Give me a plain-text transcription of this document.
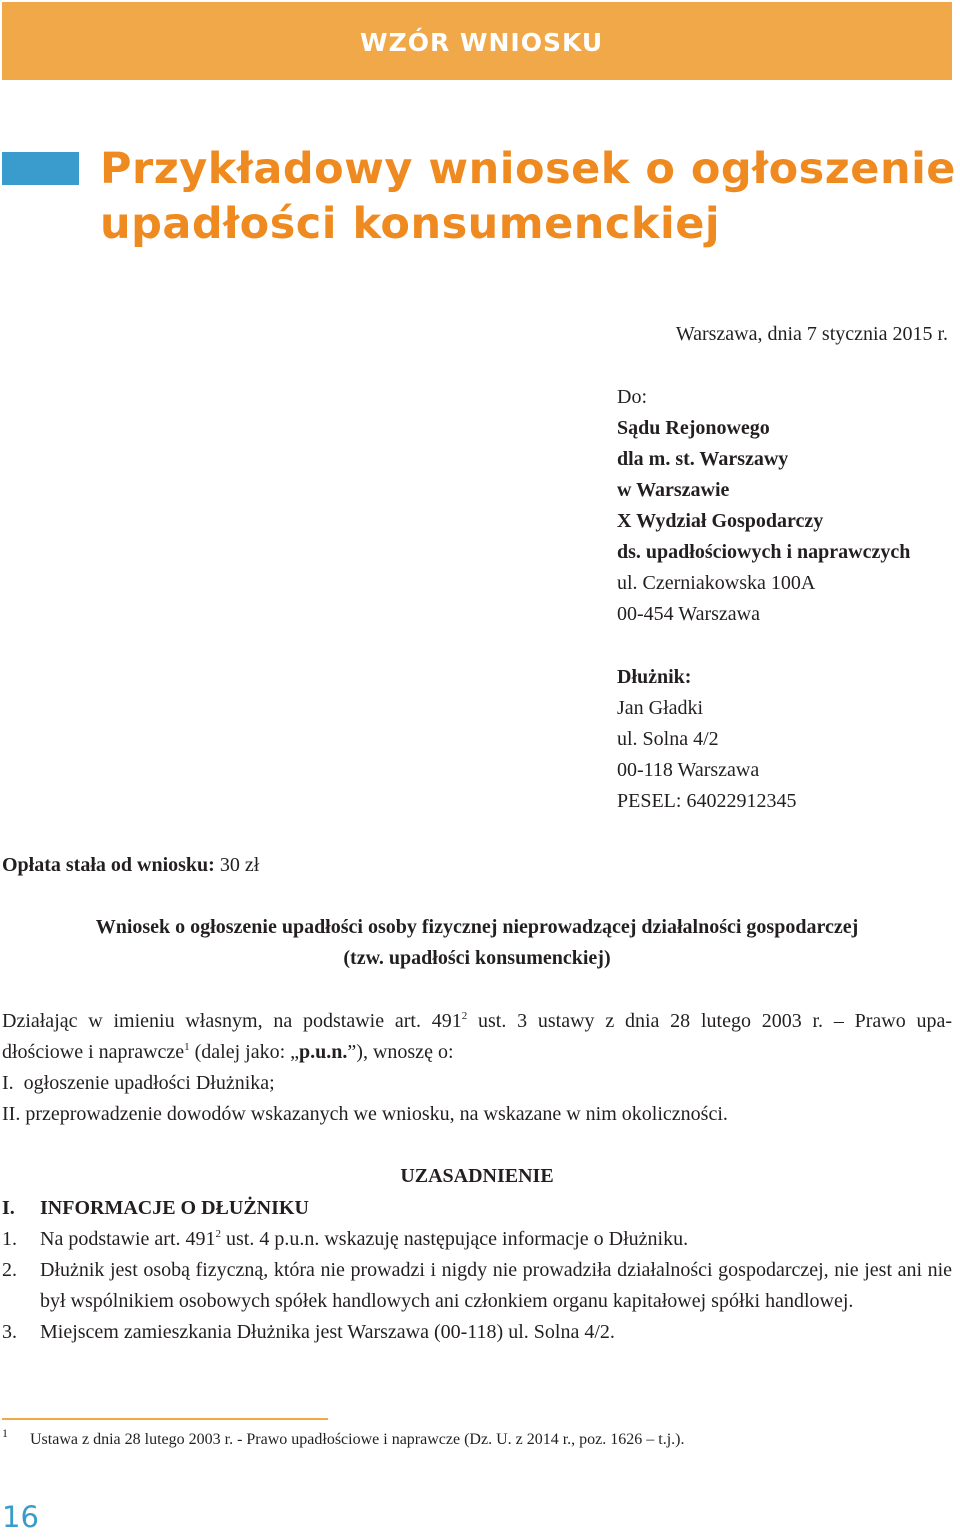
WZÓR WNIOSKU
Przykładowy wniosek o ogłoszenie
upadłości konsumenckiej
Warszawa, dnia 7 stycznia 2015 r.
Do:
Sądu Rejonowego
dla m. st. Warszawy
w Warszawie
X Wydział Gospodarczy
ds. upadłościowych i naprawczych
ul. Czerniakowska 100A
00-454 Warszawa
Dłużnik:
Jan Gładki
ul. Solna 4/2
00-118 Warszawa
PESEL: 64022912345
Opłata stała od wniosku: 30 zł
Wniosek o ogłoszenie upadłości osoby fizycznej nieprowadzącej działalności gospodarczej
(tzw. upadłości konsumenckiej)
Działając w imieniu własnym, na podstawie art. $491^2$ ust. 3 ustawy z dnia 28 lutego 2003 r. – Prawo upa-
dłościowe i naprawcze$^1$ (dalej jako: „p.u.n.”), wnoszę o:
I.  ogłoszenie upadłości Dłużnika;
II. przeprowadzenie dowodów wskazanych we wniosku, na wskazane w nim okoliczności.
UZASADNIENIE
I.	INFORMACJE O DŁUŻNIKU
1.	Na podstawie art. $491^2$ ust. 4 p.u.n. wskazuję następujące informacje o Dłużniku.
2.	Dłużnik jest osobą fizyczną, która nie prowadzi i nigdy nie prowadziła działalności gospodarczej, nie jest ani nie był wspólnikiem osobowych spółek handlowych ani członkiem organu kapitałowej spółki handlowej.
3.	Miejscem zamieszkania Dłużnika jest Warszawa (00-118) ul. Solna 4/2.
1 Ustawa z dnia 28 lutego 2003 r. - Prawo upadłościowe i naprawcze (Dz. U. z 2014 r., poz. 1626 – t.j.).
16
